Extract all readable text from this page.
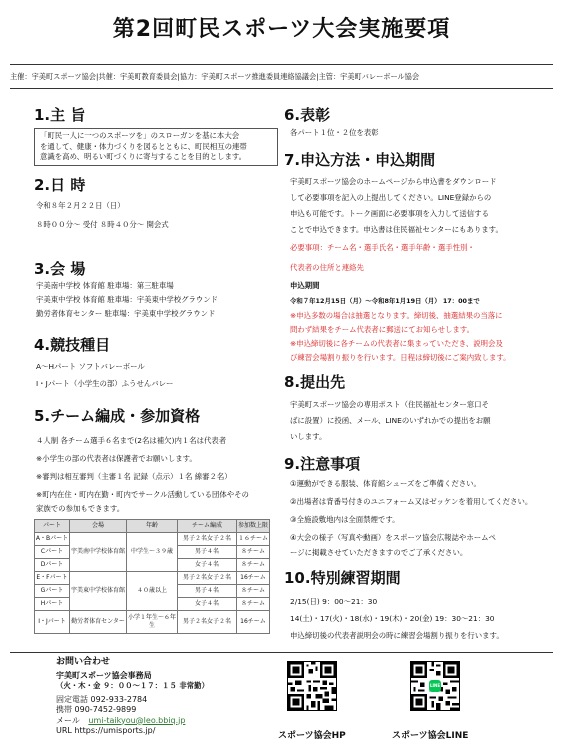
第2回町民スポーツ大会実施要項
主催：宇美町スポーツ協会|共催：宇美町教育委員会|協力：宇美町スポーツ推進委員連絡協議会|主管：宇美町バレーボール協会
1.主 旨
「町民一人に一つのスポーツを」のスローガンを基に本大会
を通して、健康・体力づくりを図るとともに、町民相互の連帯
意識を高め、明るい町づくりに寄与することを目的とします。
2.日 時
令和８年２月２２日（日）
８時００分～ 受付 ８時４０分～ 開会式
3.会 場
宇美南中学校 体育館 駐車場：第三駐車場
宇美東中学校 体育館 駐車場：宇美東中学校グラウンド
勤労者体育センター 駐車場：宇美東中学校グラウンド
4.競技種目
A～Hパート ソフトバレーボール
I・Jパート（小学生の部）ふうせんバレー
5.チーム編成・参加資格
４人制 各チーム選手６名まで(2名は補欠)内１名は代表者
※小学生の部の代表者は保護者でお願いします。
※審判は相互審判（主審１名 記録（点示）１名 線審２名）
※町内在住・町内在勤・町内でサークル活動している団体やその
家族での参加もできます。
パート	会場	年齢	チーム編成	参加数上限
A・Bパート	宇美南中学校体育館	中学生～３９歳	男子２名女子２名	１６チーム
Cパート			男子４名	８チーム
Dパート			女子４名	８チーム
E・Fパート	宇美東中学校体育館	４０歳以上	男子２名女子２名	16チーム
Gパート			男子４名	８チーム
Hパート			女子４名	８チーム
I・Jパート	勤労者体育センター	小学１年生～６年生	男子２名女子２名	16チーム
6.表彰
各パート１位・２位を表彰
7.申込方法・申込期間
宇美町スポーツ協会のホームページから申込書をダウンロード
して必要事項を記入の上提出してください。LINE登録からの
申込も可能です。トーク画面に必要事項を入力して送信する
ことで申込できます。申込書は住民福祉センターにもあります。
必要事項：チーム名・選手氏名・選手年齢・選手性別・
代表者の住所と連絡先
申込期間
令和７年12月15日（月）～令和8年1月19日（月） 17：00まで
※申込多数の場合は抽選となります。締切後、抽選結果の当落に
問わず結果をチーム代表者に郵送にてお知らせします。
※申込締切後に各チームの代表者に集まっていただき、説明会及
び練習会場割り振りを行います。日程は締切後にご案内致します。
8.提出先
宇美町スポーツ協会の専用ポスト（住民福祉センター窓口そ
ばに設置）に投函、メール、LINEのいずれかでの提出をお願
いします。
9.注意事項
①運動ができる服装、体育館シューズをご準備ください。
②出場者は背番号付きのユニフォーム又はゼッケンを着用してください。
③全施設敷地内は全面禁煙です。
④大会の様子（写真や動画）をスポーツ協会広報誌やホームペ
ージに掲載させていただきますのでご了承ください。
10.特別練習期間
2/15(日) 9：00～21：30
14(土)・17(火)・18(水)・19(木)・20(金) 19：30～21：30
申込締切後の代表者説明会の時に練習会場割り振りを行います。
お問い合わせ
宇美町スポーツ協会事務局
（火・木・金 ９：００～１７：１５ 非常勤）
固定電話 092-933-2784
携帯 090-7452-9899
メール umi-taikyou@leo.bbiq.jp
URL https://umisports.jp/
スポーツ協会HP
LINE
スポーツ協会LINE
